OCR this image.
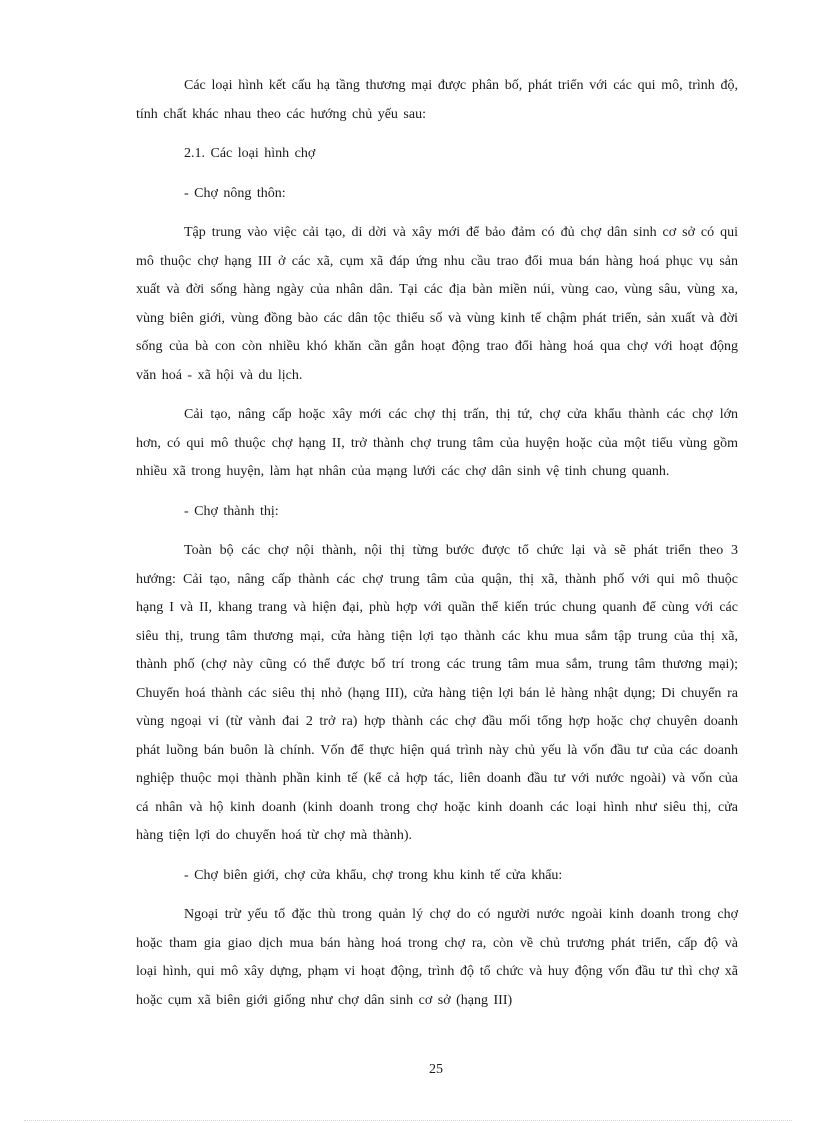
Các loại hình kết cấu hạ tầng thương mại được phân bố, phát triển với các qui mô, trình độ, tính chất khác nhau theo các hướng chủ yếu sau:

2.1. Các loại hình chợ

- Chợ nông thôn:

Tập trung vào việc cải tạo, di dời và xây mới để bảo đảm có đủ chợ dân sinh cơ sở có qui mô thuộc chợ hạng III ở các xã, cụm xã đáp ứng nhu cầu trao đổi mua bán hàng hoá phục vụ sản xuất và đời sống hàng ngày của nhân dân. Tại các địa bàn miền núi, vùng cao, vùng sâu, vùng xa, vùng biên giới, vùng đồng bào các dân tộc thiểu số và vùng kinh tế chậm phát triển, sản xuất và đời sống của bà con còn nhiều khó khăn cần gắn hoạt động trao đổi hàng hoá qua chợ với hoạt động văn hoá - xã hội và du lịch.

Cải tạo, nâng cấp hoặc xây mới các chợ thị trấn, thị tứ, chợ cửa khẩu thành các chợ lớn hơn, có qui mô thuộc chợ hạng II, trở thành chợ trung tâm của huyện hoặc của một tiểu vùng gồm nhiều xã trong huyện, làm hạt nhân của mạng lưới các chợ dân sinh vệ tinh chung quanh.

- Chợ thành thị:

Toàn bộ các chợ nội thành, nội thị từng bước được tổ chức lại và sẽ phát triển theo 3 hướng: Cải tạo, nâng cấp thành các chợ trung tâm của quận, thị xã, thành phố với qui mô thuộc hạng I và II, khang trang và hiện đại, phù hợp với quần thể kiến trúc chung quanh để cùng với các siêu thị, trung tâm thương mại, cửa hàng tiện lợi tạo thành các khu mua sắm tập trung của thị xã, thành phố (chợ này cũng có thể được bố trí trong các trung tâm mua sắm, trung tâm thương mại); Chuyển hoá thành các siêu thị nhỏ (hạng III), cửa hàng tiện lợi bán lẻ hàng nhật dụng; Di chuyển ra vùng ngoại vi (từ vành đai 2 trở ra) hợp thành các chợ đầu mối tổng hợp hoặc chợ chuyên doanh phát luồng bán buôn là chính. Vốn để thực hiện quá trình này chủ yếu là vốn đầu tư của các doanh nghiệp thuộc mọi thành phần kinh tế (kể cả hợp tác, liên doanh đầu tư với nước ngoài) và vốn của cá nhân và hộ kinh doanh (kinh doanh trong chợ hoặc kinh doanh các loại hình như siêu thị, cửa hàng tiện lợi do chuyển hoá từ chợ mà thành).

- Chợ biên giới, chợ cửa khẩu, chợ trong khu kinh tế cửa khẩu:

Ngoại trừ yếu tố đặc thù trong quản lý chợ do có người nước ngoài kinh doanh trong chợ hoặc tham gia giao dịch mua bán hàng hoá trong chợ ra, còn về chủ trương phát triển, cấp độ và loại hình, qui mô xây dựng, phạm vi hoạt động, trình độ tổ chức và huy động vốn đầu tư thì chợ xã hoặc cụm xã biên giới giống như chợ dân sinh cơ sở (hạng III)

25
